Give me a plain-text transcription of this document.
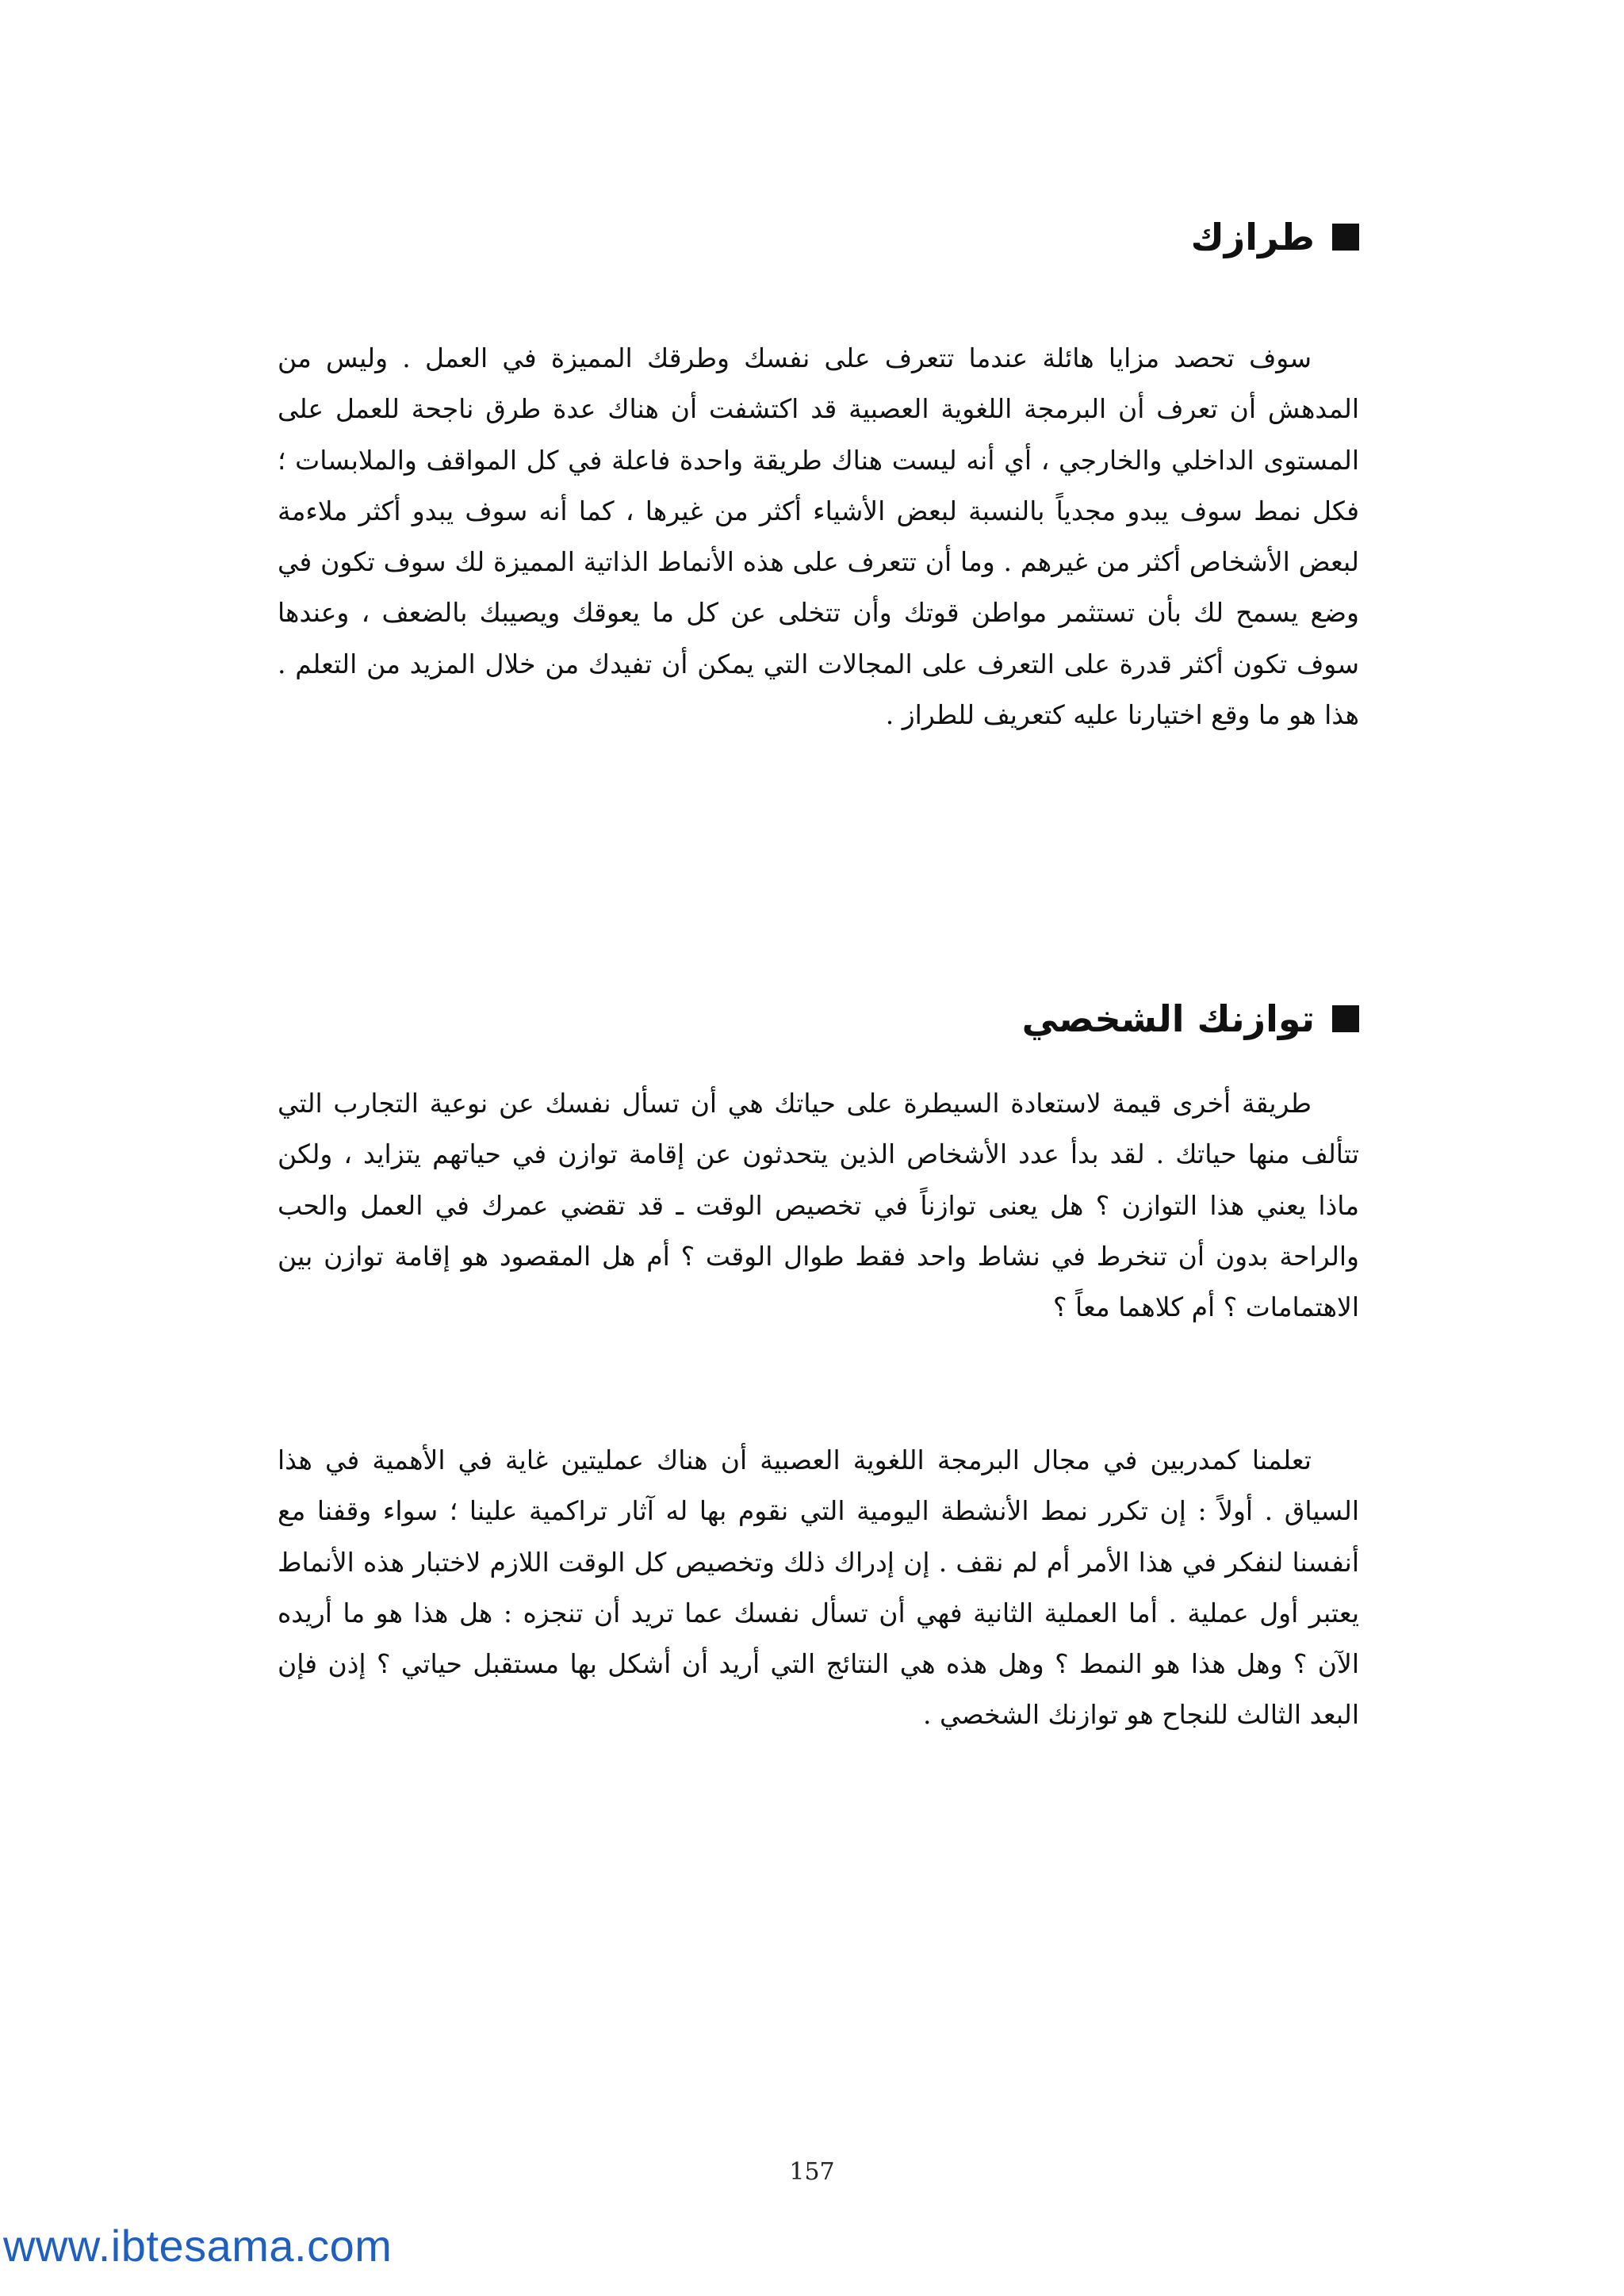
طرازك

سوف تحصد مزايا هائلة عندما تتعرف على نفسك وطرقك المميزة في العمل . وليس من المدهش أن تعرف أن البرمجة اللغوية العصبية قد اكتشفت أن هناك عدة طرق ناجحة للعمل على المستوى الداخلي والخارجي ، أي أنه ليست هناك طريقة واحدة فاعلة في كل المواقف والملابسات ؛ فكل نمط سوف يبدو مجدياً بالنسبة لبعض الأشياء أكثر من غيرها ، كما أنه سوف يبدو أكثر ملاءمة لبعض الأشخاص أكثر من غيرهم . وما أن تتعرف على هذه الأنماط الذاتية المميزة لك سوف تكون في وضع يسمح لك بأن تستثمر مواطن قوتك وأن تتخلى عن كل ما يعوقك ويصيبك بالضعف ، وعندها سوف تكون أكثر قدرة على التعرف على المجالات التي يمكن أن تفيدك من خلال المزيد من التعلم . هذا هو ما وقع اختيارنا عليه كتعريف للطراز .

توازنك الشخصي

طريقة أخرى قيمة لاستعادة السيطرة على حياتك هي أن تسأل نفسك عن نوعية التجارب التي تتألف منها حياتك . لقد بدأ عدد الأشخاص الذين يتحدثون عن إقامة توازن في حياتهم يتزايد ، ولكن ماذا يعني هذا التوازن ؟ هل يعنى توازناً في تخصيص الوقت ـ قد تقضي عمرك في العمل والحب والراحة بدون أن تنخرط في نشاط واحد فقط طوال الوقت ؟ أم هل المقصود هو إقامة توازن بين الاهتمامات ؟ أم كلاهما معاً ؟

تعلمنا كمدربين في مجال البرمجة اللغوية العصبية أن هناك عمليتين غاية في الأهمية في هذا السياق . أولاً : إن تكرر نمط الأنشطة اليومية التي نقوم بها له آثار تراكمية علينا ؛ سواء وقفنا مع أنفسنا لنفكر في هذا الأمر أم لم نقف . إن إدراك ذلك وتخصيص كل الوقت اللازم لاختبار هذه الأنماط يعتبر أول عملية . أما العملية الثانية فهي أن تسأل نفسك عما تريد أن تنجزه : هل هذا هو ما أريده الآن ؟ وهل هذا هو النمط ؟ وهل هذه هي النتائج التي أريد أن أشكل بها مستقبل حياتي ؟ إذن فإن البعد الثالث للنجاح هو توازنك الشخصي .

157
www.ibtesama.com
